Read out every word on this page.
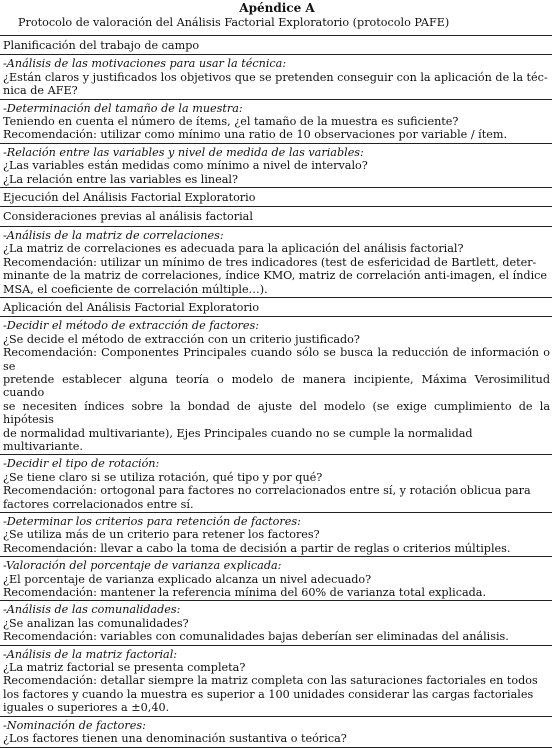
Apéndice A
Protocolo de valoración del Análisis Factorial Exploratorio (protocolo PAFE)
Planificación del trabajo de campo
-Análisis de las motivaciones para usar la técnica:
¿Están claros y justificados los objetivos que se pretenden conseguir con la aplicación de la téc-
nica de AFE?
-Determinación del tamaño de la muestra:
Teniendo en cuenta el número de ítems, ¿el tamaño de la muestra es suficiente?
Recomendación: utilizar como mínimo una ratio de 10 observaciones por variable / ítem.
-Relación entre las variables y nivel de medida de las variables:
¿Las variables están medidas como mínimo a nivel de intervalo?
¿La relación entre las variables es lineal?
Ejecución del Análisis Factorial Exploratorio
Consideraciones previas al análisis factorial
-Análisis de la matriz de correlaciones:
¿La matriz de correlaciones es adecuada para la aplicación del análisis factorial?
Recomendación: utilizar un mínimo de tres indicadores (test de esfericidad de Bartlett, deter-
minante de la matriz de correlaciones, índice KMO, matriz de correlación anti-imagen, el índice
MSA, el coeficiente de correlación múltiple…).
Aplicación del Análisis Factorial Exploratorio
-Decidir el método de extracción de factores:
¿Se decide el método de extracción con un criterio justificado?
Recomendación: Componentes Principales cuando sólo se busca la reducción de información o se
pretende establecer alguna teoría o modelo de manera incipiente, Máxima Verosimilitud cuando
se necesiten índices sobre la bondad de ajuste del modelo (se exige cumplimiento de la hipótesis
de normalidad multivariante), Ejes Principales cuando no se cumple la normalidad multivariante.
-Decidir el tipo de rotación:
¿Se tiene claro si se utiliza rotación, qué tipo y por qué?
Recomendación: ortogonal para factores no correlacionados entre sí, y rotación oblicua para
factores correlacionados entre sí.
-Determinar los criterios para retención de factores:
¿Se utiliza más de un criterio para retener los factores?
Recomendación: llevar a cabo la toma de decisión a partir de reglas o criterios múltiples.
-Valoración del porcentaje de varianza explicada:
¿El porcentaje de varianza explicado alcanza un nivel adecuado?
Recomendación: mantener la referencia mínima del 60% de varianza total explicada.
-Análisis de las comunalidades:
¿Se analizan las comunalidades?
Recomendación: variables con comunalidades bajas deberían ser eliminadas del análisis.
-Análisis de la matriz factorial:
¿La matriz factorial se presenta completa?
Recomendación: detallar siempre la matriz completa con las saturaciones factoriales en todos
los factores y cuando la muestra es superior a 100 unidades considerar las cargas factoriales
iguales o superiores a ±0,40.
-Nominación de factores:
¿Los factores tienen una denominación sustantiva o teórica?
